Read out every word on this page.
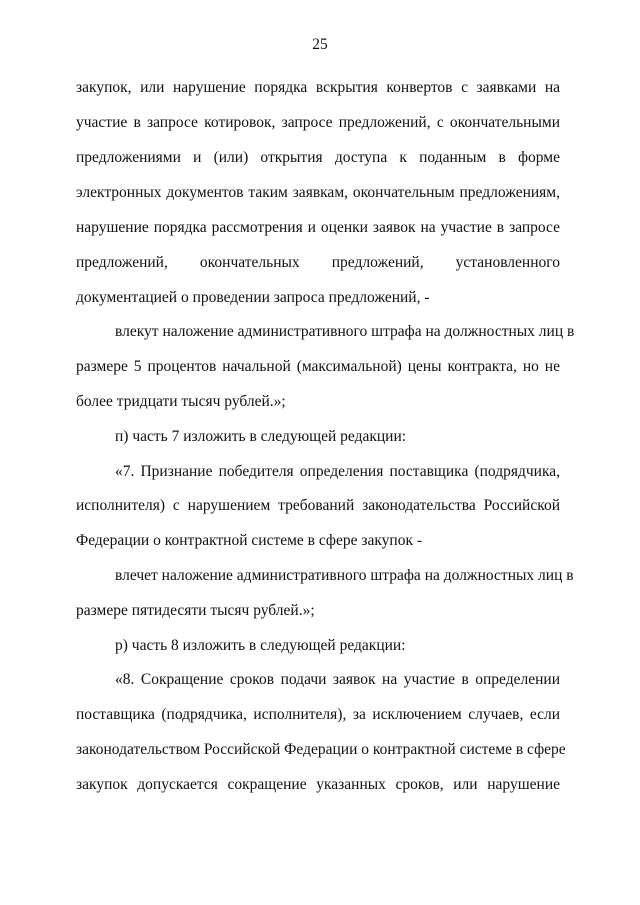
25
закупок, или нарушение порядка вскрытия конвертов с заявками на
участие в запросе котировок, запросе предложений, с окончательными
предложениями и (или) открытия доступа к поданным в форме
электронных документов таким заявкам, окончательным предложениям,
нарушение порядка рассмотрения и оценки заявок на участие в запросе
предложений, окончательных предложений, установленного
документацией о проведении запроса предложений, -
влекут наложение административного штрафа на должностных лиц в
размере 5 процентов начальной (максимальной) цены контракта, но не
более тридцати тысяч рублей.»;
п) часть 7 изложить в следующей редакции:
«7. Признание победителя определения поставщика (подрядчика,
исполнителя) с нарушением требований законодательства Российской
Федерации о контрактной системе в сфере закупок -
влечет наложение административного штрафа на должностных лиц в
размере пятидесяти тысяч рублей.»;
р) часть 8 изложить в следующей редакции:
«8. Сокращение сроков подачи заявок на участие в определении
поставщика (подрядчика, исполнителя), за исключением случаев, если
законодательством Российской Федерации о контрактной системе в сфере
закупок допускается сокращение указанных сроков, или нарушение
